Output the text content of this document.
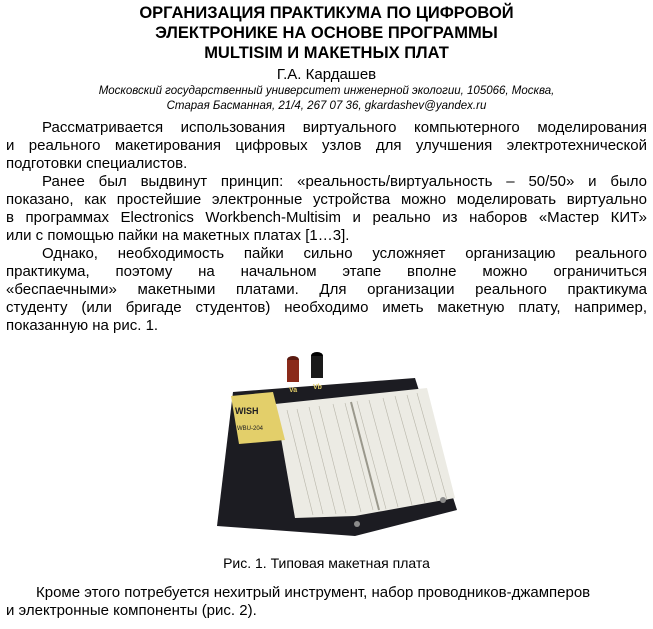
ОРГАНИЗАЦИЯ ПРАКТИКУМА ПО ЦИФРОВОЙ
ЭЛЕКТРОНИКЕ НА ОСНОВЕ ПРОГРАММЫ
MULTISIM И МАКЕТНЫХ ПЛАТ
Г.А. Кардашев
Московский государственный университет инженерной экологии, 105066, Москва,
Старая Басманная, 21/4, 267 07 36, gkardashev@yandex.ru
Рассматривается использования виртуального компьютерного моделирования
и реального макетирования цифровых узлов для улучшения электротехнической
подготовки специалистов.
Ранее был выдвинут принцип: «реальность/виртуальность – 50/50» и было
показано, как простейшие электронные устройства можно моделировать виртуально
в программах Electronics Workbench-Multisim и реально из наборов «Мастер КИТ»
или с помощью пайки на макетных платах [1…3].
Однако, необходимость пайки сильно усложняет организацию реального
практикума, поэтому на начальном этапе вполне можно ограничиться
«беспаечными» макетными платами. Для организации реального практикума
студенту (или бригаде студентов) необходимо иметь макетную плату, например,
показанную на рис. 1.
WISH
WBU-204
Va Vb
Рис. 1. Типовая макетная плата
Кроме этого потребуется нехитрый инструмент, набор проводников-джамперов
и электронные компоненты (рис. 2).
